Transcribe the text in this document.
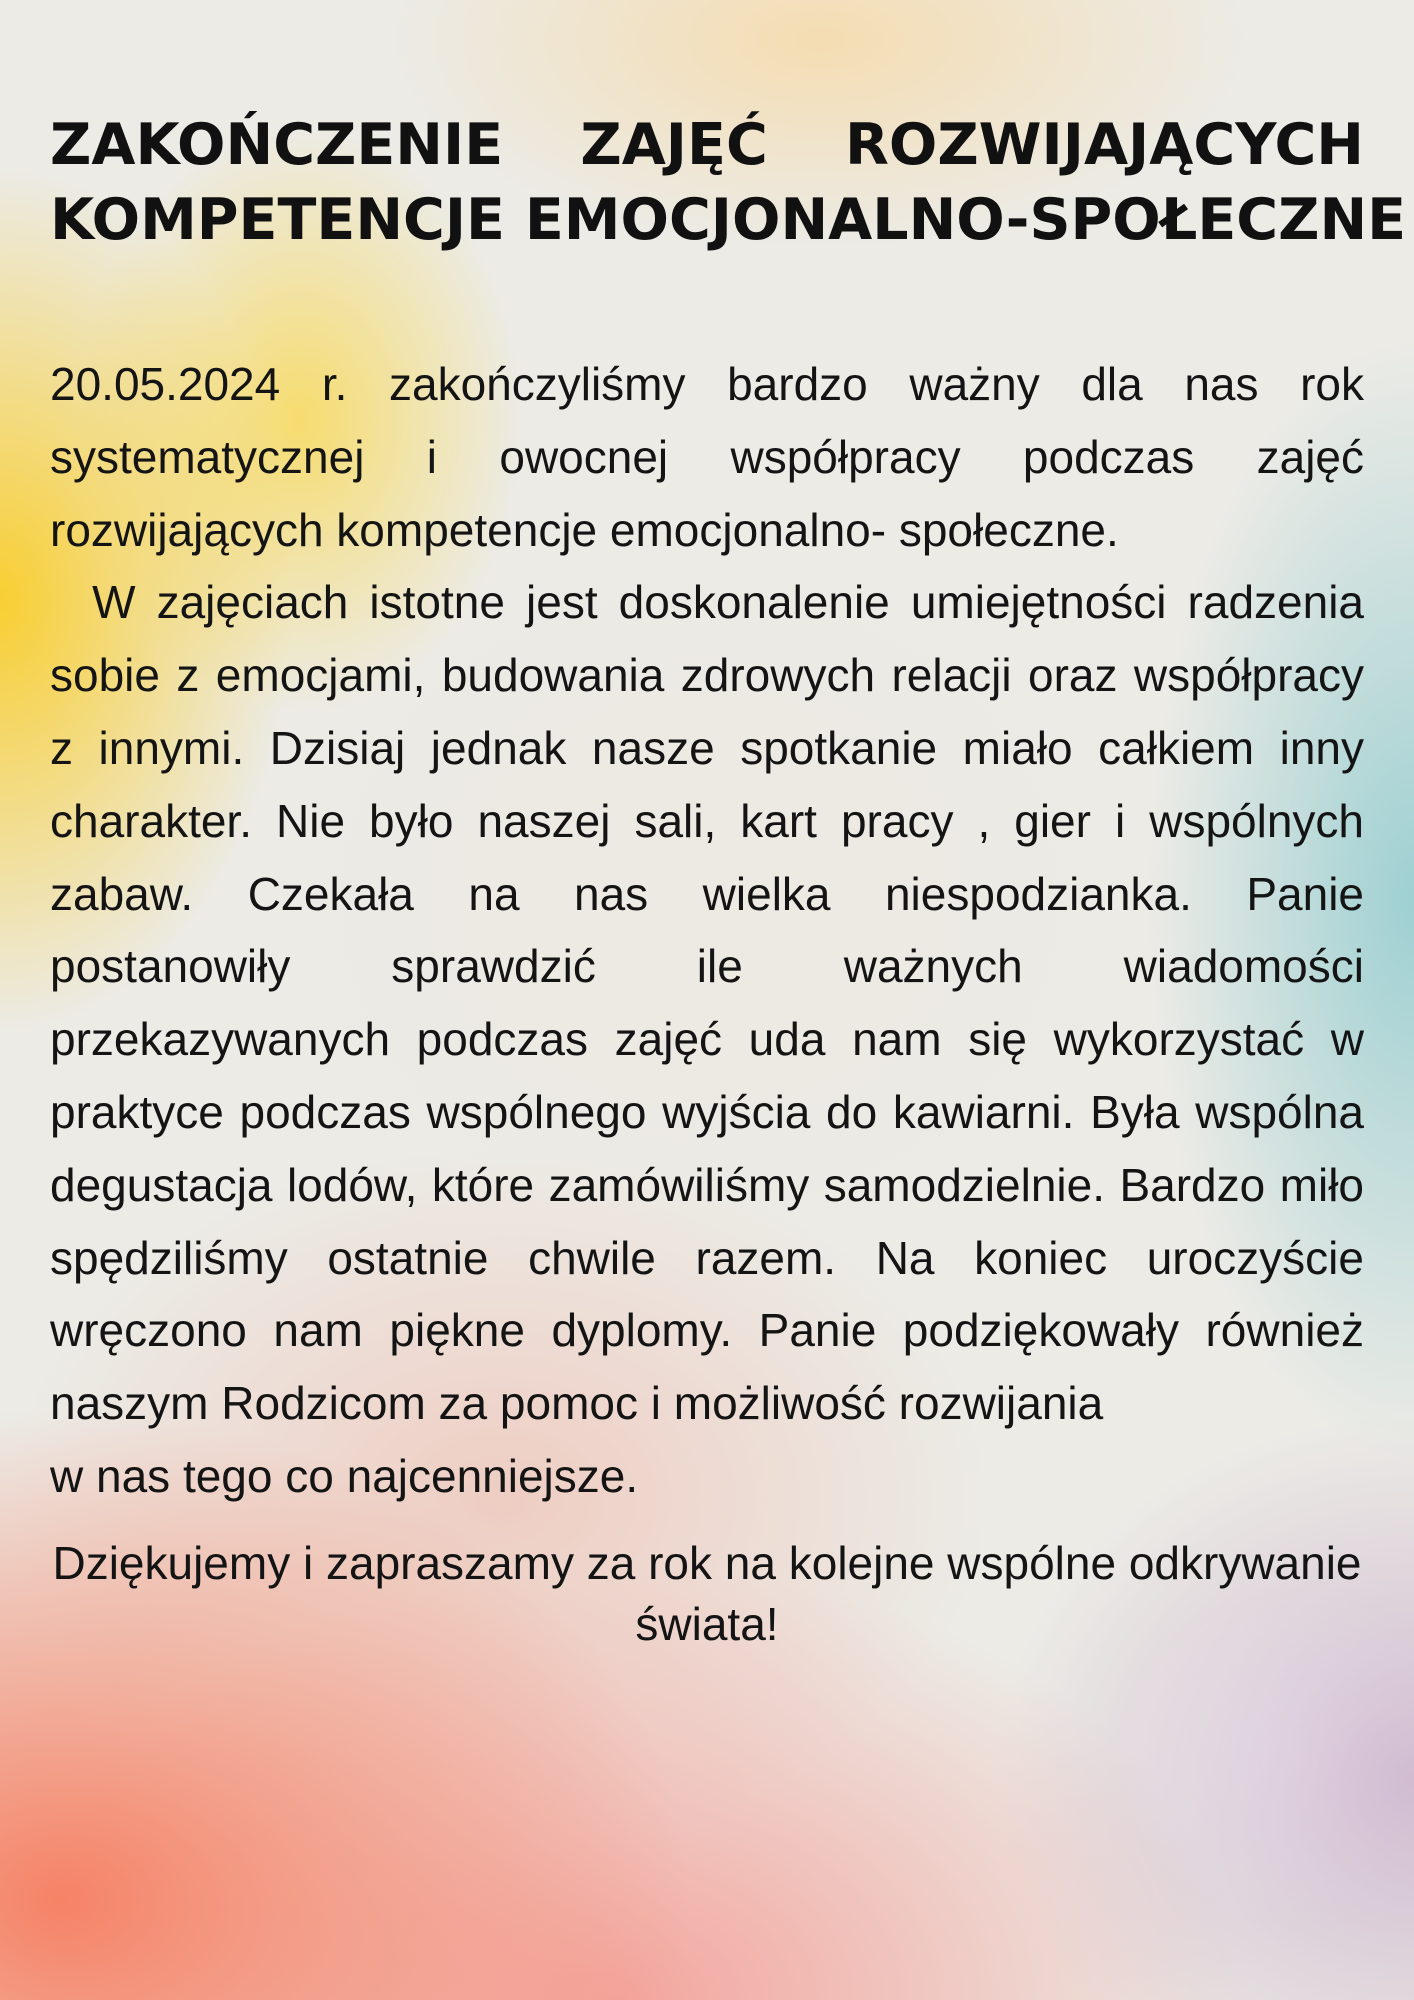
ZAKOŃCZENIE ZAJĘĆ ROZWIJAJĄCYCH
KOMPETENCJE EMOCJONALNO-SPOŁECZNE
20.05.2024 r. zakończyliśmy bardzo ważny dla nas rok systematycznej i owocnej współpracy podczas zajęć rozwijających kompetencje emocjonalno- społeczne.
W zajęciach istotne jest doskonalenie umiejętności radzenia sobie z emocjami, budowania zdrowych relacji oraz współpracy z innymi. Dzisiaj jednak nasze spotkanie miało całkiem inny charakter. Nie było naszej sali, kart pracy , gier i wspólnych zabaw. Czekała na nas wielka niespodzianka. Panie postanowiły sprawdzić ile ważnych wiadomości przekazywanych podczas zajęć uda nam się wykorzystać w praktyce podczas wspólnego wyjścia do kawiarni. Była wspólna degustacja lodów, które zamówiliśmy samodzielnie. Bardzo miło spędziliśmy ostatnie chwile razem. Na koniec uroczyście wręczono nam piękne dyplomy. Panie podziękowały również naszym Rodzicom za pomoc i możliwość rozwijania
w nas tego co najcenniejsze.

Dziękujemy i zapraszamy za rok na kolejne wspólne odkrywanie świata!
